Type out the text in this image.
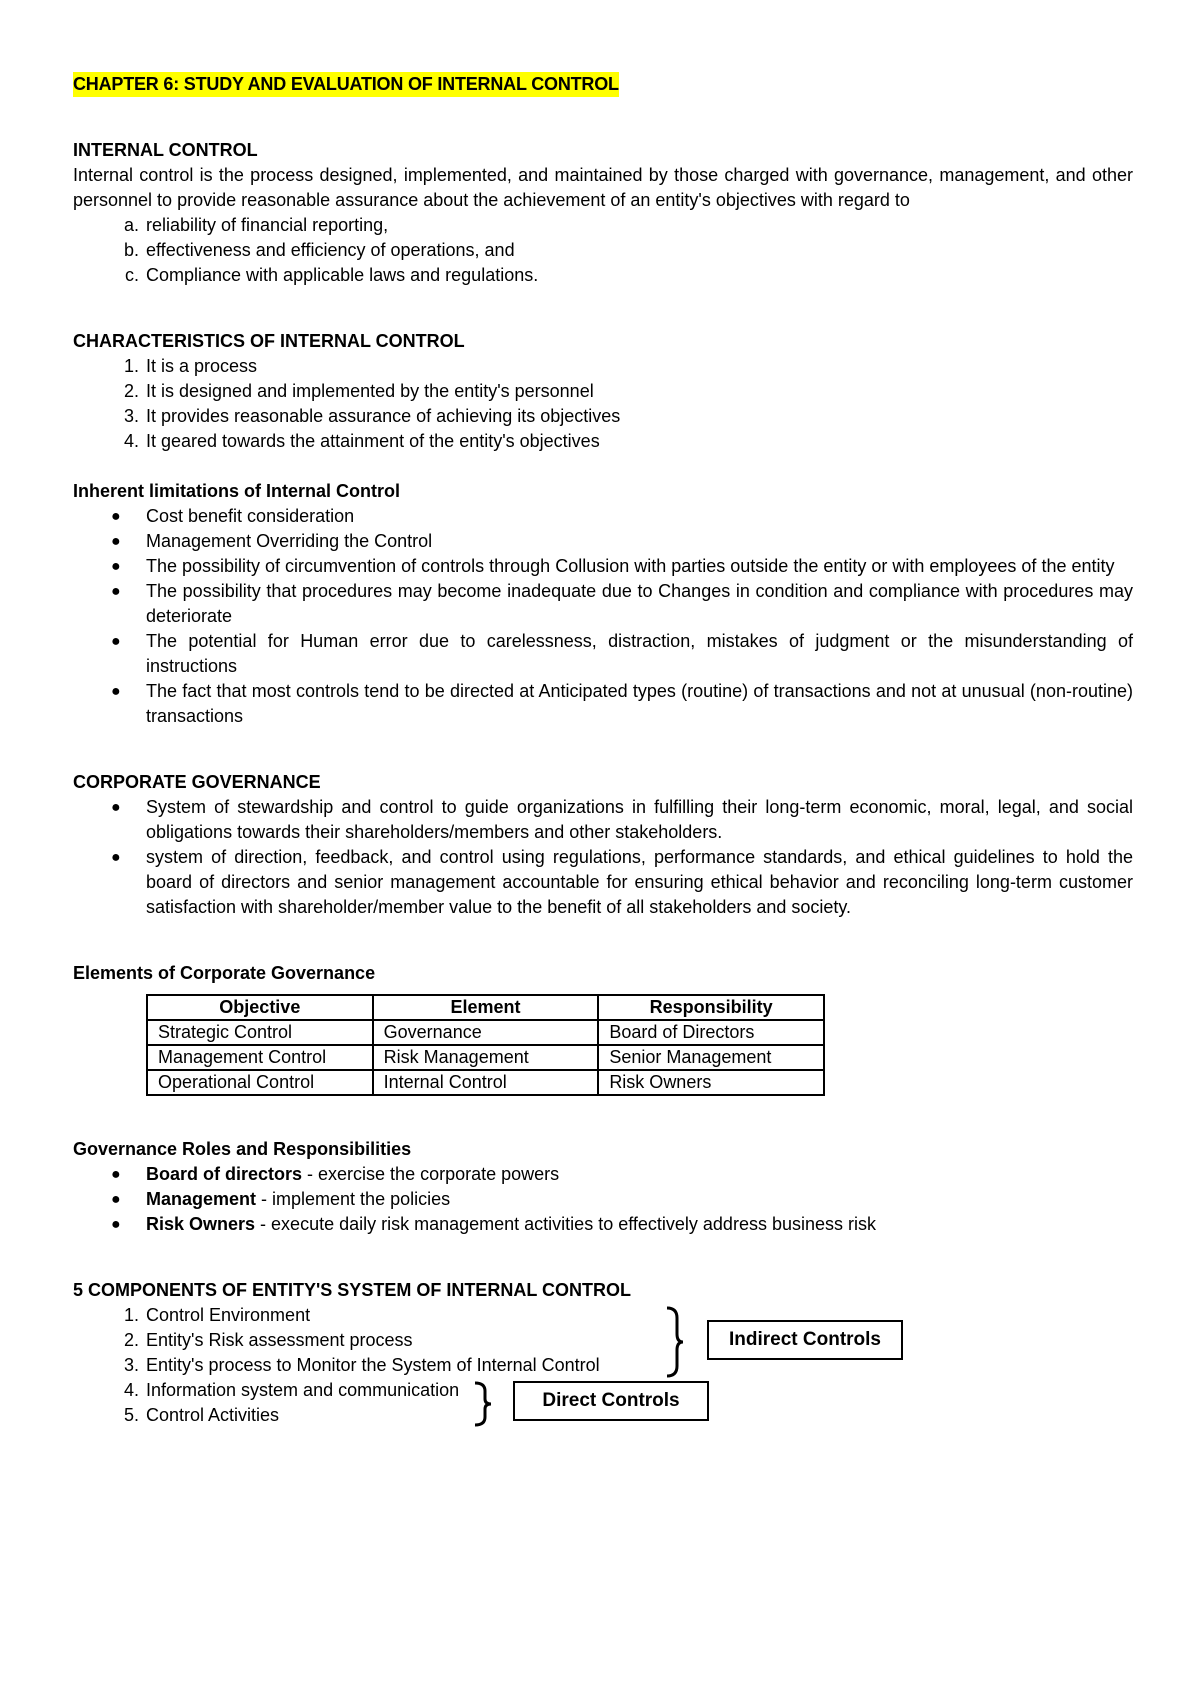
CHAPTER 6: STUDY AND EVALUATION OF INTERNAL CONTROL

INTERNAL CONTROL

Internal control is the process designed, implemented, and maintained by those charged with governance, management, and other personnel to provide reasonable assurance about the achievement of an entity's objectives with regard to

a. reliability of financial reporting,
b. effectiveness and efficiency of operations, and
c. Compliance with applicable laws and regulations.

CHARACTERISTICS OF INTERNAL CONTROL

1. It is a process
2. It is designed and implemented by the entity's personnel
3. It provides reasonable assurance of achieving its objectives
4. It geared towards the attainment of the entity's objectives

Inherent limitations of Internal Control

● Cost benefit consideration
● Management Overriding the Control
● The possibility of circumvention of controls through Collusion with parties outside the entity or with employees of the entity
● The possibility that procedures may become inadequate due to Changes in condition and compliance with procedures may deteriorate
● The potential for Human error due to carelessness, distraction, mistakes of judgment or the misunderstanding of instructions
● The fact that most controls tend to be directed at Anticipated types (routine) of transactions and not at unusual (non-routine) transactions

CORPORATE GOVERNANCE

● System of stewardship and control to guide organizations in fulfilling their long-term economic, moral, legal, and social obligations towards their shareholders/members and other stakeholders.
● system of direction, feedback, and control using regulations, performance standards, and ethical guidelines to hold the board of directors and senior management accountable for ensuring ethical behavior and reconciling long-term customer satisfaction with shareholder/member value to the benefit of all stakeholders and society.

Elements of Corporate Governance

Objective	Element	Responsibility
Strategic Control	Governance	Board of Directors
Management Control	Risk Management	Senior Management
Operational Control	Internal Control	Risk Owners

Governance Roles and Responsibilities

● Board of directors - exercise the corporate powers
● Management - implement the policies
● Risk Owners - execute daily risk management activities to effectively address business risk

5 COMPONENTS OF ENTITY'S SYSTEM OF INTERNAL CONTROL

1. Control Environment
2. Entity's Risk assessment process
3. Entity's process to Monitor the System of Internal Control
4. Information system and communication
5. Control Activities
Indirect Controls
Direct Controls
